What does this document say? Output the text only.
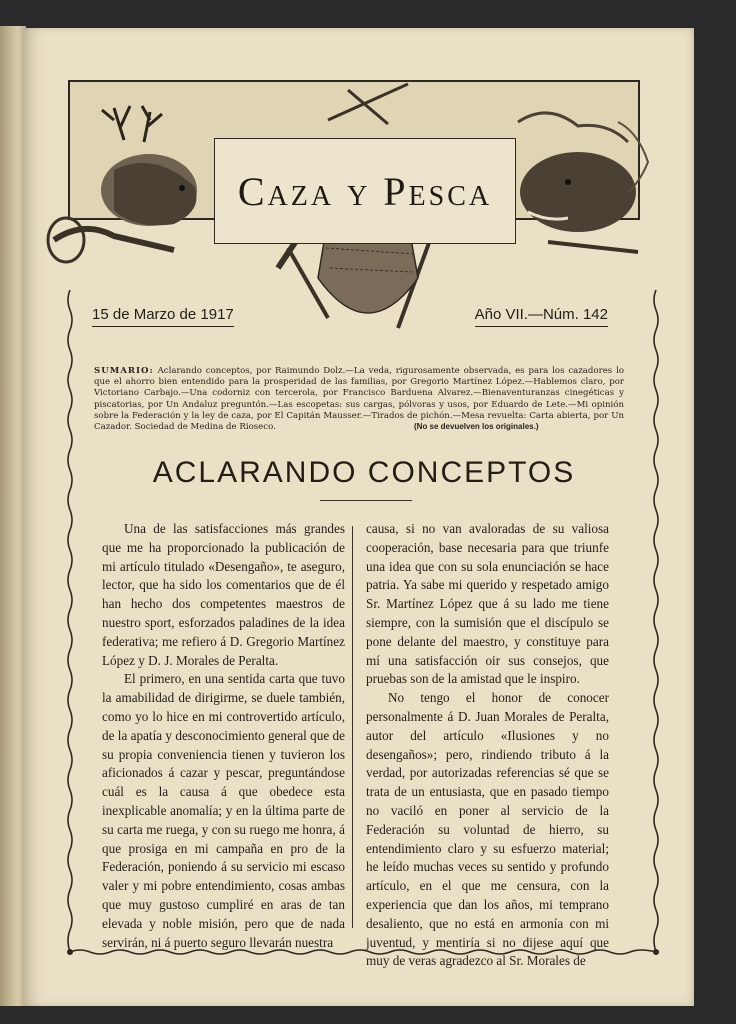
Caza y Pesca
15 de Marzo de 1917	Año VII.—Núm. 142
SUMARIO: Aclarando conceptos, por Raimundo Dolz.—La veda, rigurosamente observada, es para los cazadores lo que el ahorro bien entendido para la prosperidad de las familias, por Gregorio Martínez López.—Hablemos claro, por Victoriano Carbajo.—Una codorniz con tercerola, por Francisco Barduena Alvarez.—Bienaventuranzas cinegéticas y piscatorias, por Un Andaluz preguntón.—Las escopetas: sus cargas, pólvoras y usos, por Eduardo de Lete.—Mi opinión sobre la Federación y la ley de caza, por El Capitán Mausser.—Tirados de pichón.—Mesa revuelta: Carta abierta, por Un Cazador. Sociedad de Medina de Rioseco.	(No se devuelven los originales.)
ACLARANDO CONCEPTOS

Una de las satisfacciones más grandes que me ha proporcionado la publicación de mi artículo titulado «Desengaño», te aseguro, lector, que ha sido los comentarios que de él han hecho dos competentes maestros de nuestro sport, esforzados paladines de la idea federativa; me refiero á D. Gregorio Martínez López y D. J. Morales de Peralta.

El primero, en una sentida carta que tuvo la amabilidad de dirigirme, se duele también, como yo lo hice en mi controvertido artículo, de la apatía y desconocimiento general que de su propia conveniencia tienen y tuvieron los aficionados á cazar y pescar, preguntándose cuál es la causa á que obedece esta inexplicable anomalía; y en la última parte de su carta me ruega, y con su ruego me honra, á que prosiga en mi campaña en pro de la Federación, poniendo á su servicio mi escaso valer y mi pobre entendimiento, cosas ambas que muy gustoso cumpliré en aras de tan elevada y noble misión, pero que de nada servirán, ni á puerto seguro llevarán nuestra

causa, si no van avaloradas de su valiosa cooperación, base necesaria para que triunfe una idea que con su sola enunciación se hace patria. Ya sabe mi querido y respetado amigo Sr. Martínez López que á su lado me tiene siempre, con la sumisión que el discípulo se pone delante del maestro, y constituye para mí una satisfacción oir sus consejos, que pruebas son de la amistad que le inspiro.

No tengo el honor de conocer personalmente á D. Juan Morales de Peralta, autor del artículo «Ilusiones y no desengaños»; pero, rindiendo tributo á la verdad, por autorizadas referencias sé que se trata de un entusiasta, que en pasado tiempo no vaciló en poner al servicio de la Federación su voluntad de hierro, su entendimiento claro y su esfuerzo material; he leído muchas veces su sentido y profundo artículo, en el que me censura, con la experiencia que dan los años, mi temprano desaliento, que no está en armonía con mi juventud, y mentiría si no dijese aquí que muy de veras agradezco al Sr. Morales de
